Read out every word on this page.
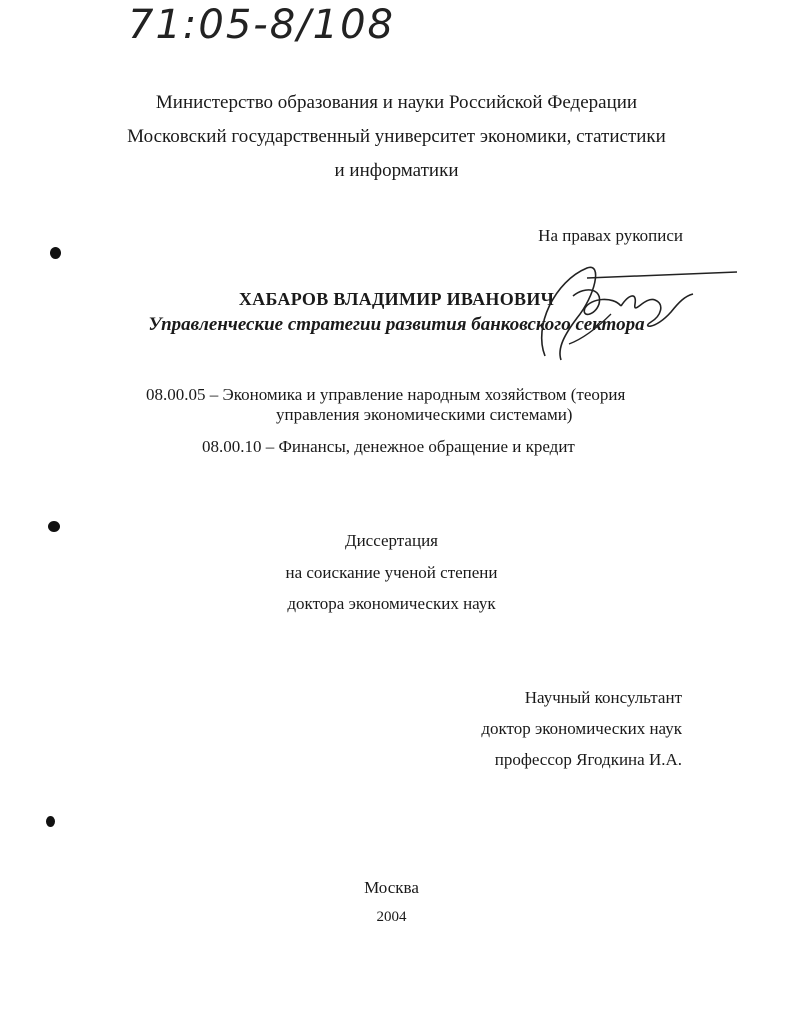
71:05-8/108
Министерство образования и науки Российской Федерации
Московский государственный университет экономики, статистики
и информатики
На правах рукописи
ХАБАРОВ ВЛАДИМИР ИВАНОВИЧ
Управленческие стратегии развития банковского сектора
08.00.05 – Экономика и управление народным хозяйством (теория
управления экономическими системами)
08.00.10 – Финансы, денежное обращение и кредит
Диссертация
на соискание ученой степени
доктора экономических наук
Научный консультант
доктор экономических наук
профессор Ягодкина И.А.
Москва
2004
